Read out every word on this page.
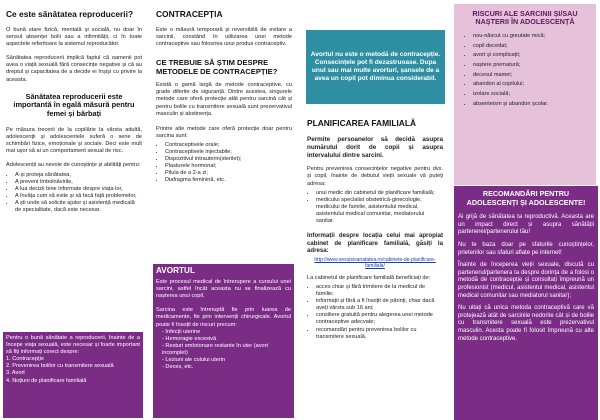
Ce este sănătatea reproducerii?

O bună stare fizică, mentală și socială, nu doar în sensul absenței bolii sau a infirmității, ci în toate aspectele referitoare la sistemul reproducător.

Sănătatea reproducerii implică faptul că oamenii pot avea o viață sexuală fără consecințe negative și că au dreptul și capacitatea de a decide ei înșiși cu privire la aceasta.

Sănătatea reproducerii este importantă în egală măsură pentru femei și bărbați

Pe măsura trecerii de la copilărie la vârsta adultă, adolescenții și adolescentele suferă o serie de schimbări fizice, emoționale și sociale. Deci este mult mai ușor să ai un comportament sexual de risc.

Adolescenții au nevoie de cunoștințe și abilități pentru:

• A-și proteja sănătatea,
• A preveni îmbolnăvirile,
• A lua decizii bine informate despre viața lor,
• A învăța cum să evite și să facă față problemelor,
• A ști unde să solicite ajutor și asistență medicală de specialitate, dacă este necesar.

Pentru o bună sănătate a reproducerii, înainte de a începe viața sexuală, este necesar și foarte important să fiți informați corect despre:

1. Contracepție
2. Prevenirea bolilor cu transmitere sexuală
3. Avort
4. Noțiuni de planificare familială
CONTRACEPȚIA

Este o măsură temporară și reversibilă de evitare a sarcinii, constând în utilizarea unei metode contraceptive sau folosirea unui produs contraceptiv.

CE TREBUIE SĂ ȘTIM DESPRE METODELE DE CONTRACEPȚIE?

Există o gamă largă de metode contraceptive, cu grade diferite de siguranță. Dintre acestea, singurele metode care oferă protecție atât pentru sarcină cât și pentru bolile cu transmitere sexuală sunt prezervativul masculin și abstinența.

Printre alte metode care oferă protecție doar pentru sarcina sunt:

• Contraceptivele orale;
• Contraceptivele injectabile;
• Dispozitivul intrauterin(sterilet);
• Plasturele hormonal;
• Pilula de a 2-a zi;
• Diafragma feminină, etc.
AVORTUL

Este procesul medical de întrerupere a cursului unei sarcini, astfel încât aceasta nu se finalizează cu nașterea unui copil.

Sarcina este întreruptă fie prin luarea de medicamente, fie prin intervenții chirurgicale. Avortul poate fi însoțit de riscuri precum:

- Infecții uterine
- Hemoragie excesivă
- Resturi embrionare restante în uter (avort incomplet)
- Leziuni ale colului uterin
- Deces, etc.
Avortul nu este o metodă de contracepție. Consecințele pot fi dezastruoase. Dupa unul sau mai multe avorturi, șansele de a avea un copil pot diminua considerabil.
PLANIFICAREA FAMILIALĂ

Permite persoanelor să decidă asupra numărului dorit de copii și asupra intervalului dintre sarcini.

Pentru prevenirea consecințelor negative pentru dvs. și copil, înainte de debutul vieții sexuale vă puteți adresa:

• unui medic din cabinetul de planificare familială;
• medicului specialist obstetrică-ginecologie, medicului de familie, asistentului medical, asistentului medical comunitar, mediatorului sanitar.

Informații despre locația celui mai apropiat cabinet de planificare familială, găsiți la adresa:

http://www.sexulsisanatatea.ro/cabinete-de-planificare-familiala/

La cabinetul de planificare familială beneficiați de:

• acces chiar și fără trimitere de la medicul de familie;
• informații și fără a fi însoțit de părinți, chiar dacă aveți vârsta sub 16 ani;
• consiliere gratuită pentru alegerea unei metode contraceptive adecvate;
• recomandări pentru prevenirea bolilor cu transmitere sexuală.
RISCURI ALE SARCINII ȘI/SAU NAȘTERII ÎN ADOLESCENȚĂ
• nou-născut cu greutate mică;
• copil decedat;
• avort și complicații;
• naștere prematură;
• decesul mamei;
• abandon al copilului;
• izolare socială;
• absenteism și abandon școlar.
RECOMANDĂRI PENTRU ADOLESCENȚI ȘI ADOLESCENTE!

Ai grijă de sănătatea ta reproductivă. Aceasta are un impact direct și asupra sănătății partenerei/partenerului tău!

Nu te baza doar pe sfaturile cunoștințelor, prietenilor sau sfaturi aflate pe internet!

Înainte de începerea vieții sexuale, discută cu partenerul/partenera ta despre dorința de a folosi o metodă de contracepție și consultați împreună un profesionist (medicul, asistentul medical, asistentul medical comunitar sau mediatorul sanitar);

Nu uitați că unica metoda contraceptivă care vă protejează atât de sarcinile nedorite cât și de bolile cu transmitere sexuală este prezervativul masculin. Acesta poate fi folosit împreună cu alte metode contraceptive.
